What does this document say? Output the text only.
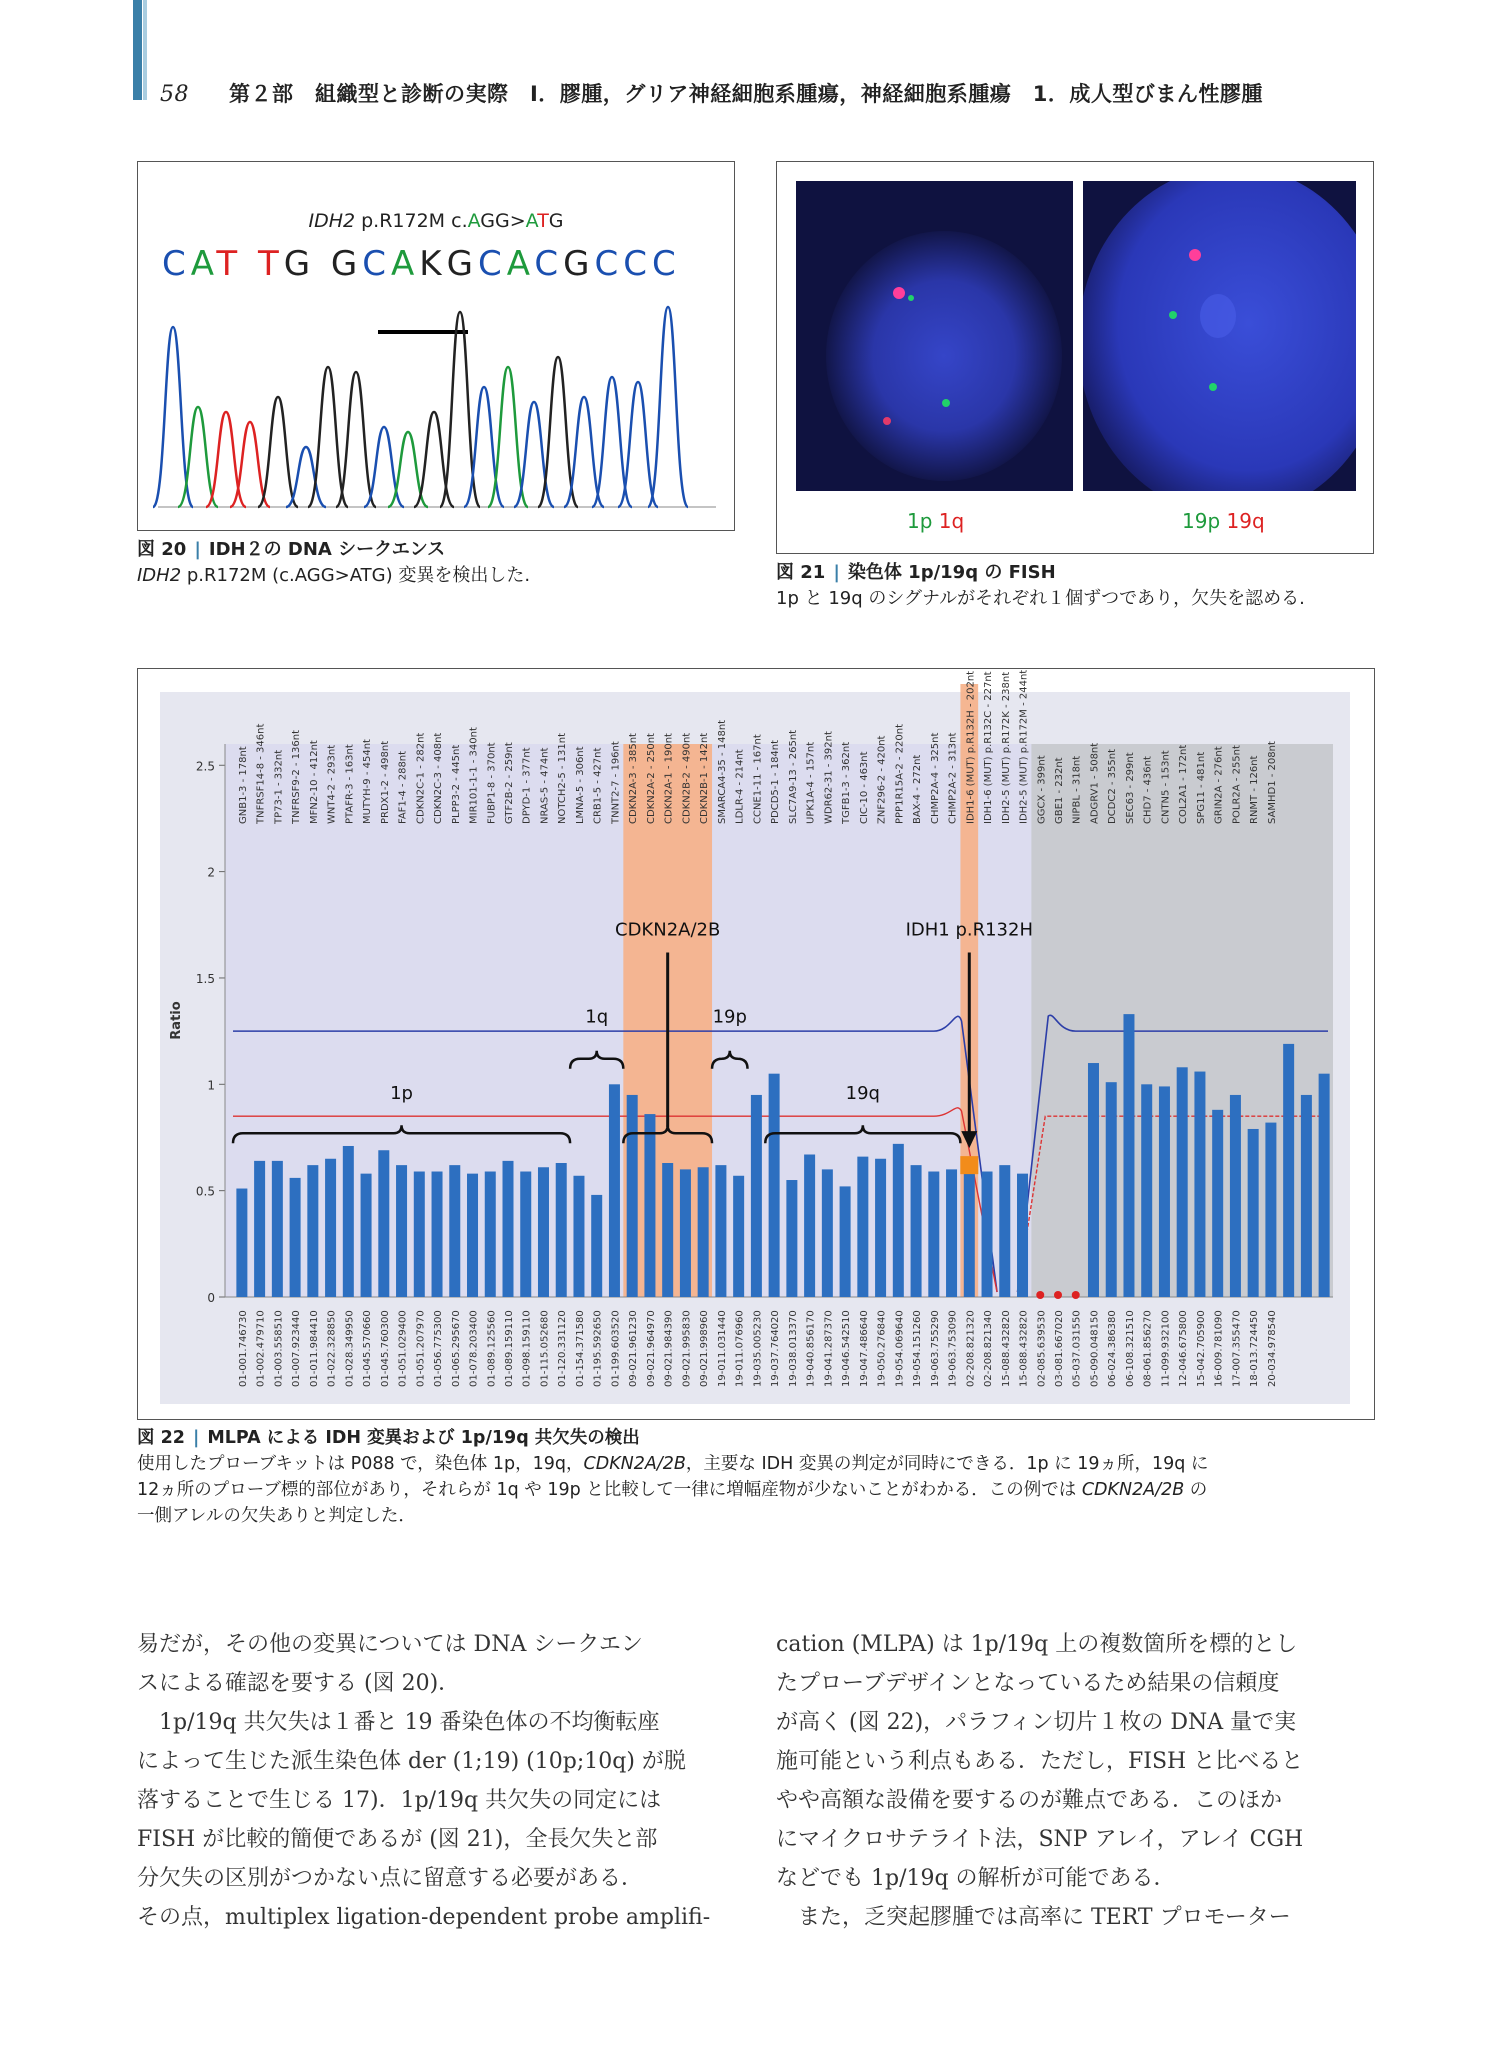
58 第２部　組織型と診断の実際　Ⅰ．膠腫，グリア神経細胞系腫瘍，神経細胞系腫瘍　1．成人型びまん性膠腫
IDH2 p.R172M c.AGG>ATG
CAT TG GCAKGCACGCCC
図 20 | IDH２の DNA シークエンス
IDH2 p.R172M (c.AGG>ATG) 変異を検出した.
1p 1q	19p 19q
図 21 | 染色体 1p/19q の FISH
1p と 19q のシグナルがそれぞれ１個ずつであり，欠失を認める.
0
0.5
1
1.5
2
2.5
Ratio
GNB1-3 - 178nt TNFRSF14-8 - 346nt TP73-1 - 332nt TNFRSF9-2 - 136nt MFN2-10 - 412nt WNT4-2 - 293nt PTAFR-3 - 163nt MUTYH-9 - 454nt PRDX1-2 - 498nt FAF1-4 - 288nt CDKN2C-1 - 282nt CDKN2C-3 - 408nt PLPP3-2 - 445nt MIR101-1-1 - 340nt FUBP1-8 - 370nt GTF2B-2 - 259nt DPYD-1 - 377nt NRAS-5 - 474nt NOTCH2-5 - 131nt LMNA-5 - 306nt CRB1-5 - 427nt TNNT2-7 - 196nt CDKN2A-3 - 385nt CDKN2A-2 - 250nt CDKN2A-1 - 190nt CDKN2B-2 - 490nt CDKN2B-1 - 142nt SMARCA4-35 - 148nt LDLR-4 - 214nt CCNE1-11 - 167nt PDCD5-1 - 184nt SLC7A9-13 - 265nt UPK1A-4 - 157nt WDR62-31 - 392nt TGFB1-3 - 362nt CIC-10 - 463nt ZNF296-2 - 420nt PPP1R15A-2 - 220nt BAX-4 - 272nt CHMP2A-4 - 325nt CHMP2A-2 - 313nt IDH1-6 (MUT) p.R132H - 202nt IDH1-6 (MUT) p.R132C - 227nt IDH2-5 (MUT) p.R172K - 238nt IDH2-5 (MUT) p.R172M - 244nt GGCX - 399nt GBE1 - 232nt NIPBL - 318nt ADGRV1 - 508nt DCDC2 - 355nt SEC63 - 299nt CHD7 - 436nt CNTN5 - 153nt COL2A1 - 172nt SPG11 - 481nt GRIN2A - 276nt POLR2A - 255nt RNMT - 126nt SAMHD1 - 208nt
01-001.746730 01-002.479710 01-003.558510 01-007.923440 01-011.984410 01-022.328850 01-028.349950 01-045.570660 01-045.760300 01-051.029400 01-051.207970 01-056.775300 01-065.295670 01-078.203400 01-089.125560 01-089.159110 01-098.159110 01-115.052680 01-120.331120 01-154.371580 01-195.592650 01-199.603520 09-021.961230 09-021.964970 09-021.984390 09-021.995830 09-021.998960 19-011.031440 19-011.076960 19-035.005230 19-037.764020 19-038.013370 19-040.856170 19-041.287370 19-046.542510 19-047.486640 19-050.276840 19-054.069640 19-054.151260 19-063.755290 19-063.753090 02-208.821320 02-208.821340 15-088.432820 15-088.432820 02-085.639530 03-081.667020 05-037.031550 05-090.048150 06-024.386380 06-108.321510 08-061.856270 11-099.932100 12-046.675800 15-042.705900 16-009.781090 17-007.355470 18-013.724450 20-034.978540
1p
1q	19p
19q
CDKN2A/2B	IDH1 p.R132H
図 22 | MLPA による IDH 変異および 1p/19q 共欠失の検出
使用したプローブキットは P088 で，染色体 1p，19q，CDKN2A/2B，主要な IDH 変異の判定が同時にできる．1p に 19ヵ所，19q に
12ヵ所のプローブ標的部位があり，それらが 1q や 19p と比較して一律に増幅産物が少ないことがわかる．この例では CDKN2A/2B の
一側アレルの欠失ありと判定した．

易だが，その他の変異については DNA シークエン

スによる確認を要する (図 20)．

1p/19q 共欠失は１番と 19 番染色体の不均衡転座

によって生じた派生染色体 der (1;19) (10p;10q) が脱

落することで生じる 17)．1p/19q 共欠失の同定には

FISH が比較的簡便であるが (図 21)，全長欠失と部

分欠失の区別がつかない点に留意する必要がある．

その点，multiplex ligation-dependent probe amplifi-

cation (MLPA) は 1p/19q 上の複数箇所を標的とし

たプローブデザインとなっているため結果の信頼度

が高く (図 22)，パラフィン切片１枚の DNA 量で実

施可能という利点もある．ただし，FISH と比べると

やや高額な設備を要するのが難点である．このほか

にマイクロサテライト法，SNP アレイ，アレイ CGH

などでも 1p/19q の解析が可能である．

また，乏突起膠腫では高率に TERT プロモーター
